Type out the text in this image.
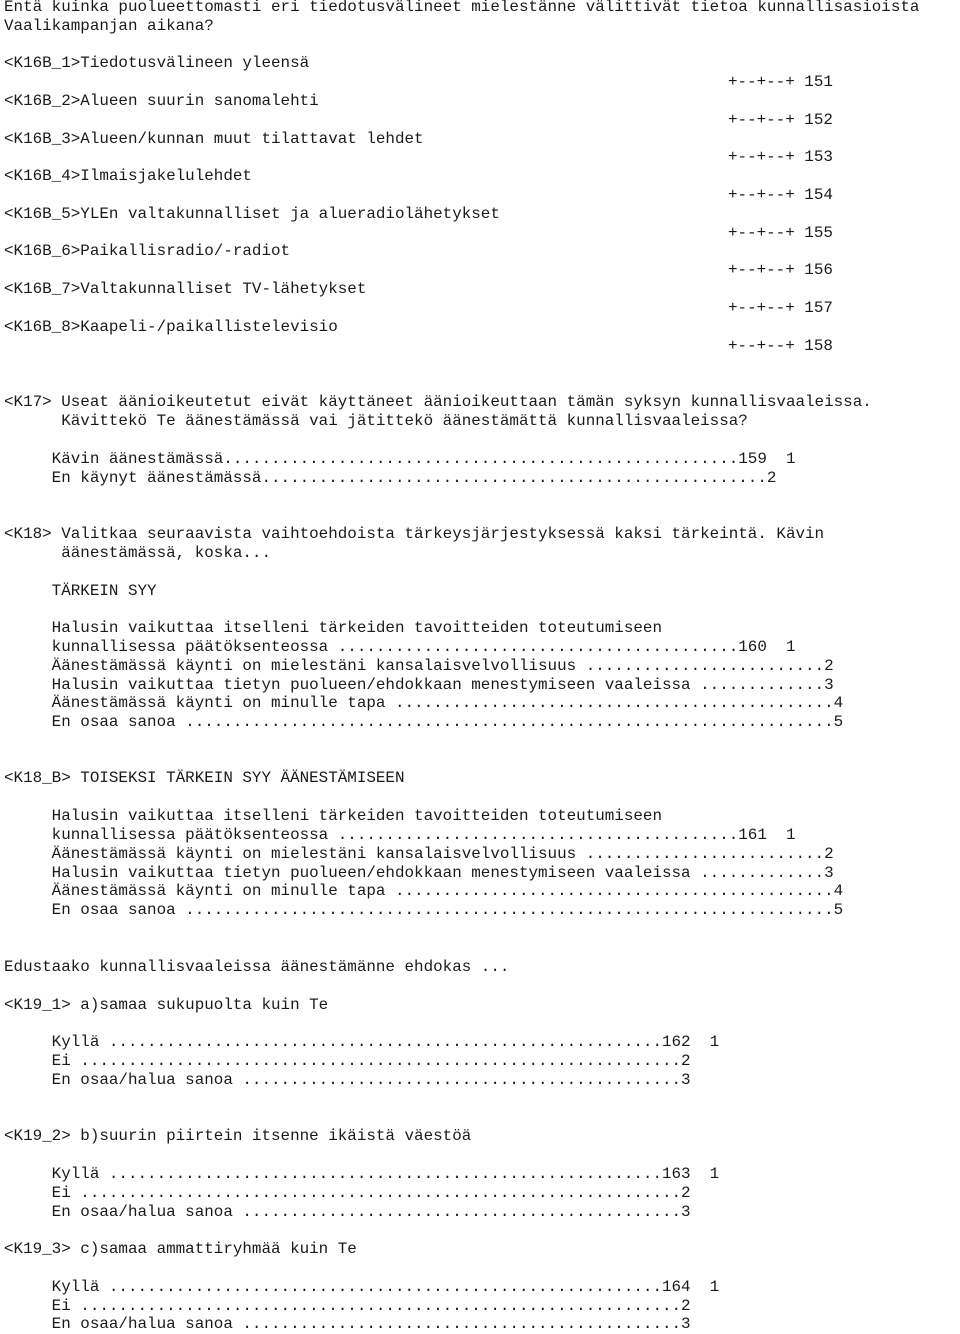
Entä kuinka puolueettomasti eri tiedotusvälineet mielestänne välittivät tietoa kunnallisasioista
Vaalikampanjan aikana?
<K16B_1>Tiedotusvälineen yleensä
+--+--+ 151
<K16B_2>Alueen suurin sanomalehti
+--+--+ 152
<K16B_3>Alueen/kunnan muut tilattavat lehdet
+--+--+ 153
<K16B_4>Ilmaisjakelulehdet
+--+--+ 154
<K16B_5>YLEn valtakunnalliset ja alueradiolähetykset
+--+--+ 155
<K16B_6>Paikallisradio/-radiot
+--+--+ 156
<K16B_7>Valtakunnalliset TV-lähetykset
+--+--+ 157
<K16B_8>Kaapeli-/paikallistelevisio
+--+--+ 158
<K17> Useat äänioikeutetut eivät käyttäneet äänioikeuttaan tämän syksyn kunnallisvaaleissa.
Kävittekö Te äänestämässä vai jätittekö äänestämättä kunnallisvaaleissa?
Kävin äänestämässä......................................................159  1
En käynyt äänestämässä.....................................................2
<K18> Valitkaa seuraavista vaihtoehdoista tärkeysjärjestyksessä kaksi tärkeintä. Kävin
äänestämässä, koska...
TÄRKEIN SYY
Halusin vaikuttaa itselleni tärkeiden tavoitteiden toteutumiseen
kunnallisessa päätöksenteossa ..........................................160  1
Äänestämässä käynti on mielestäni kansalaisvelvollisuus .........................2
Halusin vaikuttaa tietyn puolueen/ehdokkaan menestymiseen vaaleissa .............3
Äänestämässä käynti on minulle tapa ..............................................4
En osaa sanoa ....................................................................5
<K18_B> TOISEKSI TÄRKEIN SYY ÄÄNESTÄMISEEN
Halusin vaikuttaa itselleni tärkeiden tavoitteiden toteutumiseen
kunnallisessa päätöksenteossa ..........................................161  1
Äänestämässä käynti on mielestäni kansalaisvelvollisuus .........................2
Halusin vaikuttaa tietyn puolueen/ehdokkaan menestymiseen vaaleissa .............3
Äänestämässä käynti on minulle tapa ..............................................4
En osaa sanoa ....................................................................5
Edustaako kunnallisvaaleissa äänestämänne ehdokas ...
<K19_1> a)samaa sukupuolta kuin Te
Kyllä ..........................................................162  1
Ei ...............................................................2
En osaa/halua sanoa ..............................................3
<K19_2> b)suurin piirtein itsenne ikäistä väestöä
Kyllä ..........................................................163  1
Ei ...............................................................2
En osaa/halua sanoa ..............................................3
<K19_3> c)samaa ammattiryhmää kuin Te
Kyllä ..........................................................164  1
Ei ...............................................................2
En osaa/halua sanoa ..............................................3
